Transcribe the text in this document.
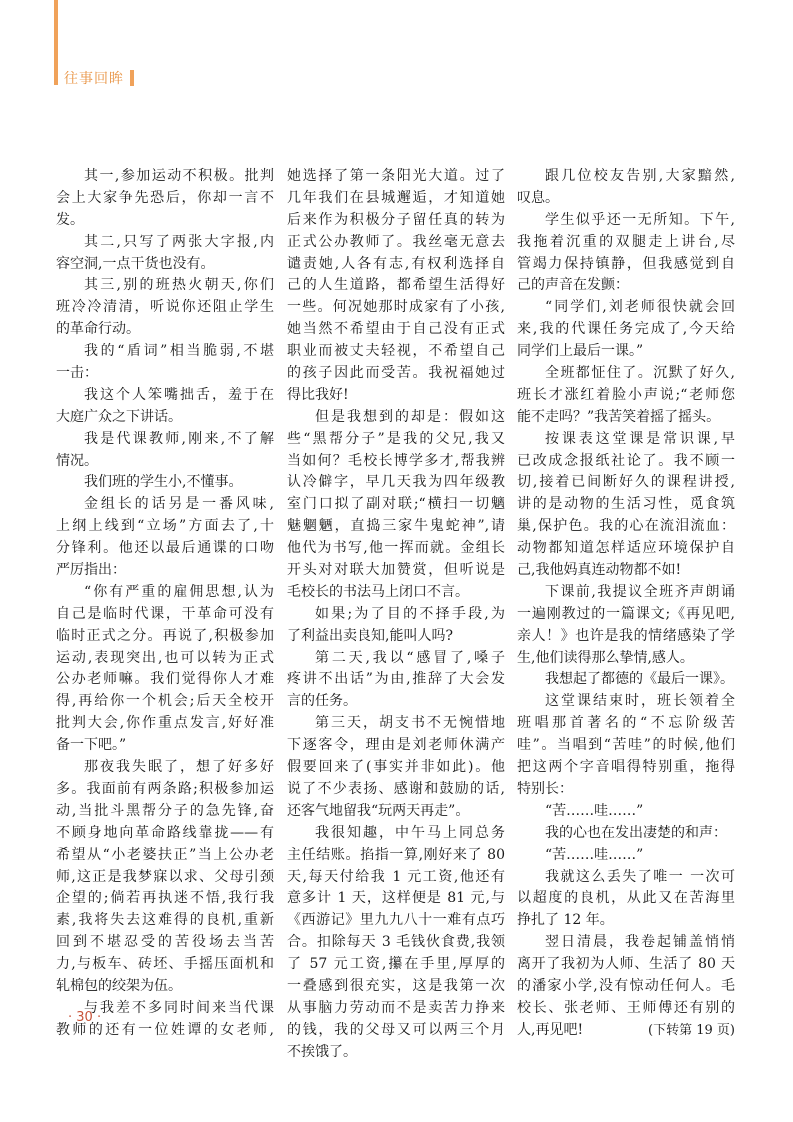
往事回眸
其一,参加运动不积极。批判
会上大家争先恐后，你却一言不
发。
其二,只写了两张大字报,内
容空洞,一点干货也没有。
其三,别的班热火朝天,你们
班冷冷清清，听说你还阻止学生
的革命行动。
我的“盾词”相当脆弱,不堪
一击：
我这个人笨嘴拙舌，羞于在
大庭广众之下讲话。
我是代课教师,刚来,不了解
情况。
我们班的学生小,不懂事。
金组长的话另是一番风味,
上纲上线到“立场”方面去了,十
分锋利。他还以最后通谍的口吻
严厉指出：
“你有严重的雇佣思想,认为
自己是临时代课，干革命可没有
临时正式之分。再说了,积极参加
运动,表现突出,也可以转为正式
公办老师嘛。我们觉得你人才难
得,再给你一个机会;后天全校开
批判大会,你作重点发言,好好准
备一下吧。”
那夜我失眠了，想了好多好
多。我面前有两条路;积极参加运
动,当批斗黑帮分子的急先锋,奋
不顾身地向革命路线靠拢——有
希望从“小老婆扶正”当上公办老
师,这正是我梦寐以求、父母引颈
企望的;倘若再执迷不悟,我行我
素,我将失去这难得的良机,重新
回到不堪忍受的苦役场去当苦
力,与板车、砖坯、手摇压面机和
轧棉包的绞架为伍。
与我差不多同时间来当代课
教师的还有一位姓谭的女老师,
她选择了第一条阳光大道。过了
几年我们在县城邂逅，才知道她
后来作为积极分子留任真的转为
正式公办教师了。我丝毫无意去
谴责她,人各有志,有权利选择自
己的人生道路，都希望生活得好
一些。何况她那时成家有了小孩,
她当然不希望由于自己没有正式
职业而被丈夫轻视，不希望自己
的孩子因此而受苦。我祝福她过
得比我好!
但是我想到的却是：假如这
些“黑帮分子”是我的父兄,我又
当如何？毛校长博学多才,帮我辨
认冷僻字，早几天我为四年级教
室门口拟了副对联;“横扫一切魑
魅魍魉，直捣三家牛鬼蛇神”,请
他代为书写,他一挥而就。金组长
开头对对联大加赞赏，但听说是
毛校长的书法马上闭口不言。
如果;为了目的不择手段,为
了利益出卖良知,能叫人吗?
第二天,我以“感冒了,嗓子
疼讲不出话”为由,推辞了大会发
言的任务。
第三天，胡支书不无惋惜地
下逐客令，理由是刘老师休满产
假要回来了(事实并非如此)。他
说了不少表扬、感谢和鼓励的话,
还客气地留我“玩两天再走”。
我很知趣，中午马上同总务
主任结账。掐指一算,刚好来了 80
天,每天付给我 1 元工资,他还有
意多计 1 天，这样便是 81 元,与
《西游记》里九九八十一难有点巧
合。扣除每天 3 毛钱伙食费,我领
了 57 元工资,攥在手里,厚厚的
一叠感到很充实，这是我第一次
从事脑力劳动而不是卖苦力挣来
的钱，我的父母又可以两三个月
不挨饿了。
跟几位校友告别,大家黯然,
叹息。
学生似乎还一无所知。下午,
我拖着沉重的双腿走上讲台,尽
管竭力保持镇静，但我感觉到自
己的声音在发颤：
“同学们,刘老师很快就会回
来,我的代课任务完成了,今天给
同学们上最后一课。”
全班都怔住了。沉默了好久,
班长才涨红着脸小声说;“老师您
能不走吗？”我苦笑着摇了摇头。
按课表这堂课是常识课,早
已改成念报纸社论了。我不顾一
切,接着已间断好久的课程讲授,
讲的是动物的生活习性，觅食筑
巢,保护色。我的心在流泪流血：
动物都知道怎样适应环境保护自
己,我他妈真连动物都不如!
下课前,我提议全班齐声朗诵
一遍刚教过的一篇课文;《再见吧,
亲人！》也许是我的情绪感染了学
生,他们读得那么挚情,感人。
我想起了都德的《最后一课》。
这堂课结束时，班长领着全
班唱那首著名的“不忘阶级苦
哇”。当唱到“苦哇”的时候,他们
把这两个字音唱得特别重，拖得
特别长：
“苦……哇……”
我的心也在发出凄楚的和声：
“苦……哇……”
我就这么丢失了唯一 一次可
以超度的良机，从此又在苦海里
挣扎了 12 年。
翌日清晨，我卷起铺盖悄悄
离开了我初为人师、生活了 80 天
的潘家小学,没有惊动任何人。毛
校长、张老师、王师傅还有别的
人,再见吧!	(下转第 19 页)
· 30 ·
